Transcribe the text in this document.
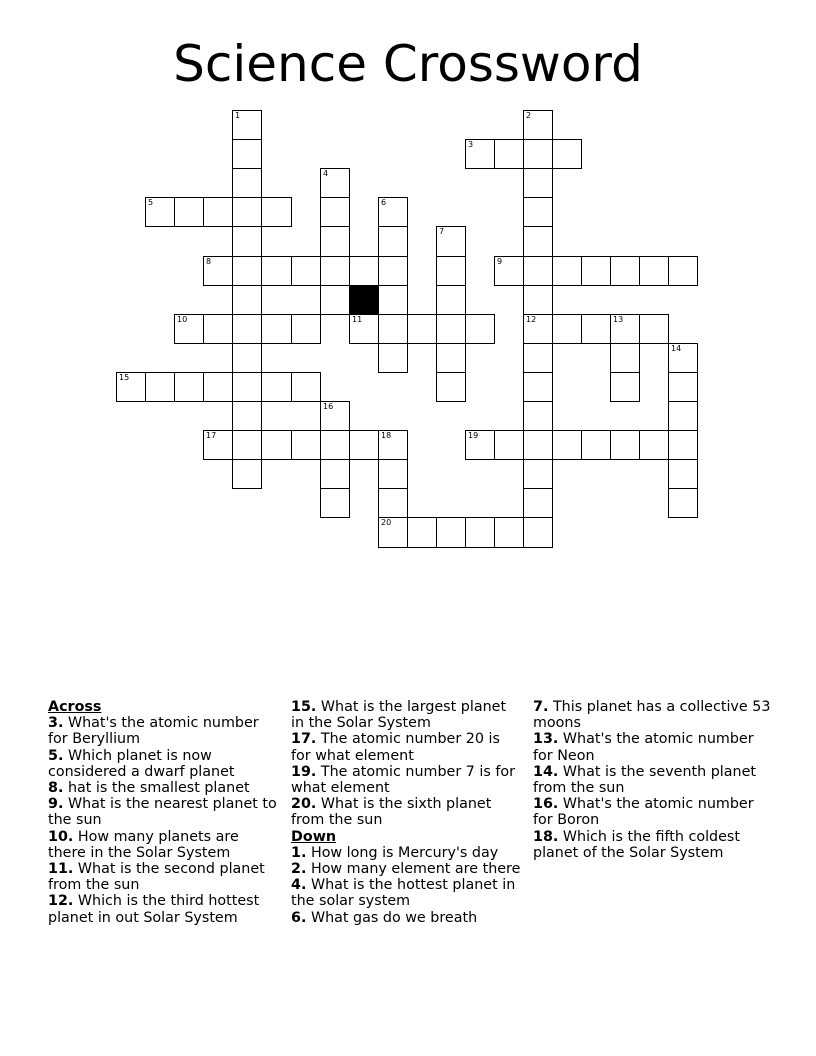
Science Crossword
1	2
3
4
5	6
7
8	9
10	11	12	13
14
15
16
17	18	19
20
Across
3. What's the atomic number for Beryllium
5. Which planet is now considered a dwarf planet
8. hat is the smallest planet
9. What is the nearest planet to the sun
10. How many planets are there in the Solar System
11. What is the second planet from the sun
12. Which is the third hottest planet in out Solar System
15. What is the largest planet in the Solar System
17. The atomic number 20 is for what element
19. The atomic number 7 is for what element
20. What is the sixth planet from the sun
Down
1. How long is Mercury's day
2. How many element are there
4. What is the hottest planet in the solar system
6. What gas do we breath
7. This planet has a collective 53 moons
13. What's the atomic number for Neon
14. What is the seventh planet from the sun
16. What's the atomic number for Boron
18. Which is the fifth coldest planet of the Solar System
